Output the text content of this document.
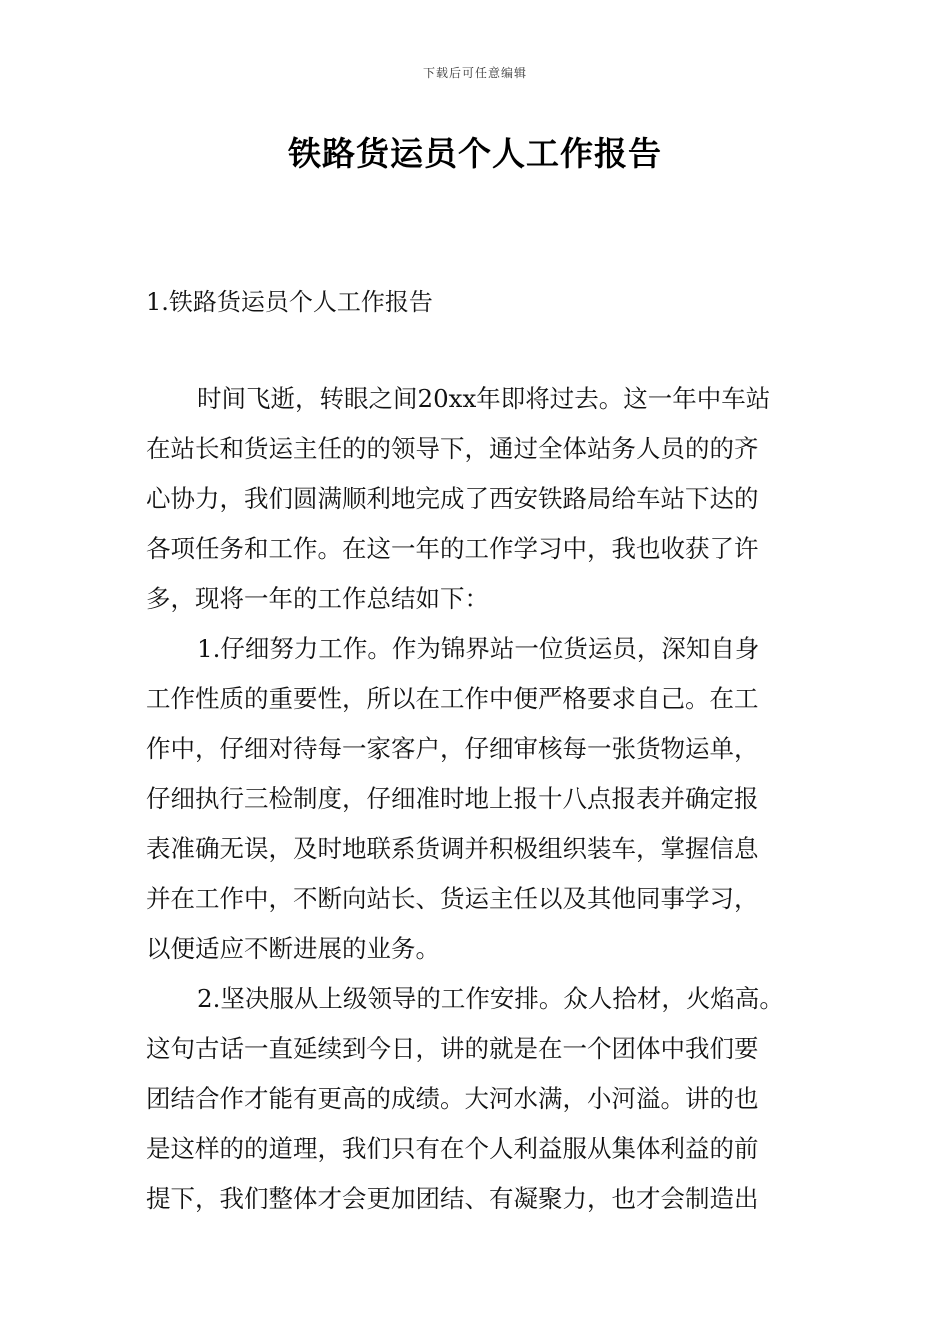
下载后可任意编辑
铁路货运员个人工作报告
1.铁路货运员个人工作报告
时间飞逝，转眼之间20xx年即将过去。这一年中车站
在站长和货运主任的的领导下，通过全体站务人员的的齐
心协力，我们圆满顺利地完成了西安铁路局给车站下达的
各项任务和工作。在这一年的工作学习中，我也收获了许
多，现将一年的工作总结如下：
1.仔细努力工作。作为锦界站一位货运员，深知自身
工作性质的重要性，所以在工作中便严格要求自己。在工
作中，仔细对待每一家客户，仔细审核每一张货物运单，
仔细执行三检制度，仔细准时地上报十八点报表并确定报
表准确无误，及时地联系货调并积极组织装车，掌握信息
并在工作中，不断向站长、货运主任以及其他同事学习，
以便适应不断进展的业务。
2.坚决服从上级领导的工作安排。众人拾材，火焰高。
这句古话一直延续到今日，讲的就是在一个团体中我们要
团结合作才能有更高的成绩。大河水满，小河溢。讲的也
是这样的的道理，我们只有在个人利益服从集体利益的前
提下，我们整体才会更加团结、有凝聚力，也才会制造出
